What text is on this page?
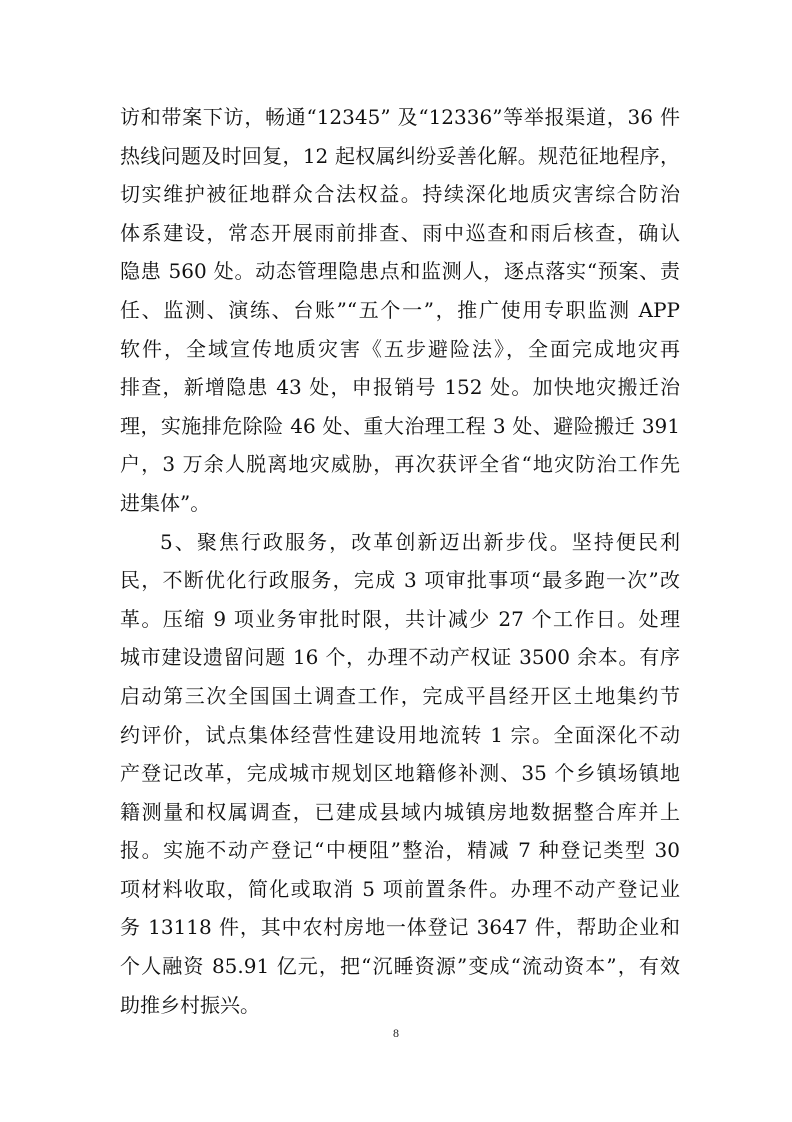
访和带案下访，畅通“12345” 及“12336”等举报渠道，36 件
热线问题及时回复，12 起权属纠纷妥善化解。规范征地程序，
切实维护被征地群众合法权益。持续深化地质灾害综合防治
体系建设，常态开展雨前排查、雨中巡查和雨后核查，确认
隐患 560 处。动态管理隐患点和监测人，逐点落实“预案、责
任、监测、演练、台账”“五个一”，推广使用专职监测 APP
软件，全域宣传地质灾害《五步避险法》，全面完成地灾再
排查，新增隐患 43 处，申报销号 152 处。加快地灾搬迁治
理，实施排危除险 46 处、重大治理工程 3 处、避险搬迁 391
户，3 万余人脱离地灾威胁，再次获评全省“地灾防治工作先
进集体”。
5、聚焦行政服务，改革创新迈出新步伐。坚持便民利
民，不断优化行政服务，完成 3 项审批事项“最多跑一次”改
革。压缩 9 项业务审批时限，共计减少 27 个工作日。处理
城市建设遗留问题 16 个，办理不动产权证 3500 余本。有序
启动第三次全国国土调查工作，完成平昌经开区土地集约节
约评价，试点集体经营性建设用地流转 1 宗。全面深化不动
产登记改革，完成城市规划区地籍修补测、35 个乡镇场镇地
籍测量和权属调查，已建成县域内城镇房地数据整合库并上
报。实施不动产登记“中梗阻”整治，精减 7 种登记类型 30
项材料收取，简化或取消 5 项前置条件。办理不动产登记业
务 13118 件，其中农村房地一体登记 3647 件，帮助企业和
个人融资 85.91 亿元，把“沉睡资源”变成“流动资本”，有效
助推乡村振兴。
8
